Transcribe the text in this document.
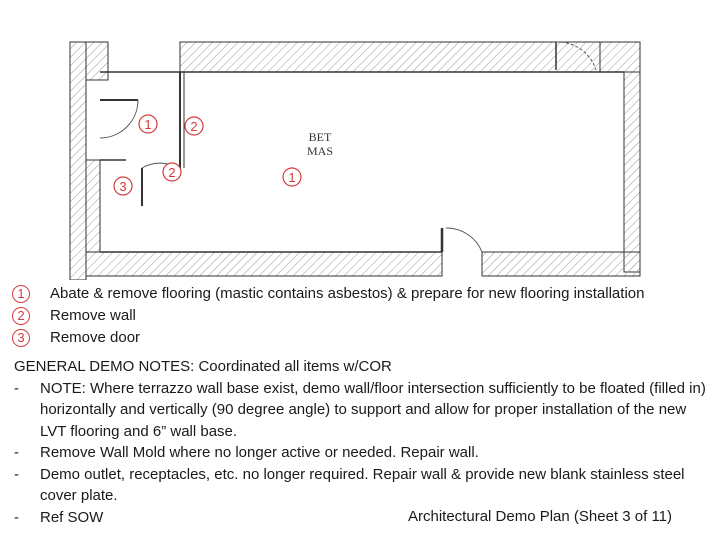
BET
MAS
1	2
3
2	1
1	Abate & remove flooring (mastic contains asbestos) & prepare for new flooring installation
2	Remove wall
3	Remove door
GENERAL DEMO NOTES: Coordinated all items w/COR
- NOTE: Where terrazzo wall base exist, demo wall/floor intersection sufficiently to be floated (filled in) horizontally and vertically (90 degree angle) to support and allow for proper installation of the new LVT flooring and 6” wall base.
- Remove Wall Mold where no longer active or needed. Repair wall.
- Demo outlet, receptacles, etc. no longer required. Repair wall & provide new blank stainless steel cover plate.
- Ref SOW	Architectural Demo Plan (Sheet 3 of 11)
